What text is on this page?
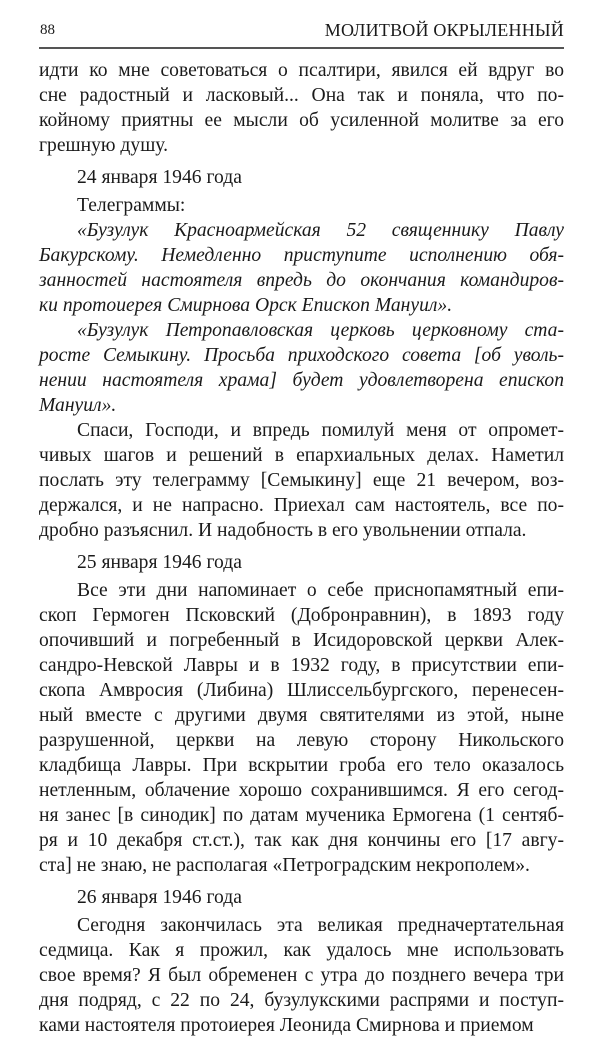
88	МОЛИТВОЙ ОКРЫЛЕННЫЙ

идти ко мне советоваться о псалтири, явился ей вдруг во
сне радостный и ласковый... Она так и поняла, что по-
койному приятны ее мысли об усиленной молитве за его
грешную душу.

24 января 1946 года

Телеграммы:

«Бузулук Красноармейская 52 священнику Павлу
Бакурскому. Немедленно приступите исполнению обя-
занностей настоятеля впредь до окончания командиров-
ки протоиерея Смирнова Орск Епископ Мануил».

«Бузулук Петропавловская церковь церковному ста-
росте Семыкину. Просьба приходского совета [об уволь-
нении настоятеля храма] будет удовлетворена епископ
Мануил».

Спаси, Господи, и впредь помилуй меня от опромет-
чивых шагов и решений в епархиальных делах. Наметил
послать эту телеграмму [Семыкину] еще 21 вечером, воз-
держался, и не напрасно. Приехал сам настоятель, все по-
дробно разъяснил. И надобность в его увольнении отпала.

25 января 1946 года

Все эти дни напоминает о себе приснопамятный епи-
скоп Гермоген Псковский (Добронравнин), в 1893 году
опочивший и погребенный в Исидоровской церкви Алек-
сандро-Невской Лавры и в 1932 году, в присутствии епи-
скопа Амвросия (Либина) Шлиссельбургского, перенесен-
ный вместе с другими двумя святителями из этой, ныне
разрушенной, церкви на левую сторону Никольского
кладбища Лавры. При вскрытии гроба его тело оказалось
нетленным, облачение хорошо сохранившимся. Я его сегод-
ня занес [в синодик] по датам мученика Ермогена (1 сентяб-
ря и 10 декабря ст.ст.), так как дня кончины его [17 авгу-
ста] не знаю, не располагая «Петроградским некрополем».

26 января 1946 года

Сегодня закончилась эта великая предначертательная
седмица. Как я прожил, как удалось мне использовать
свое время? Я был обременен с утра до позднего вечера три
дня подряд, с 22 по 24, бузулукскими распрями и поступ-
ками настоятеля протоиерея Леонида Смирнова и приемом
